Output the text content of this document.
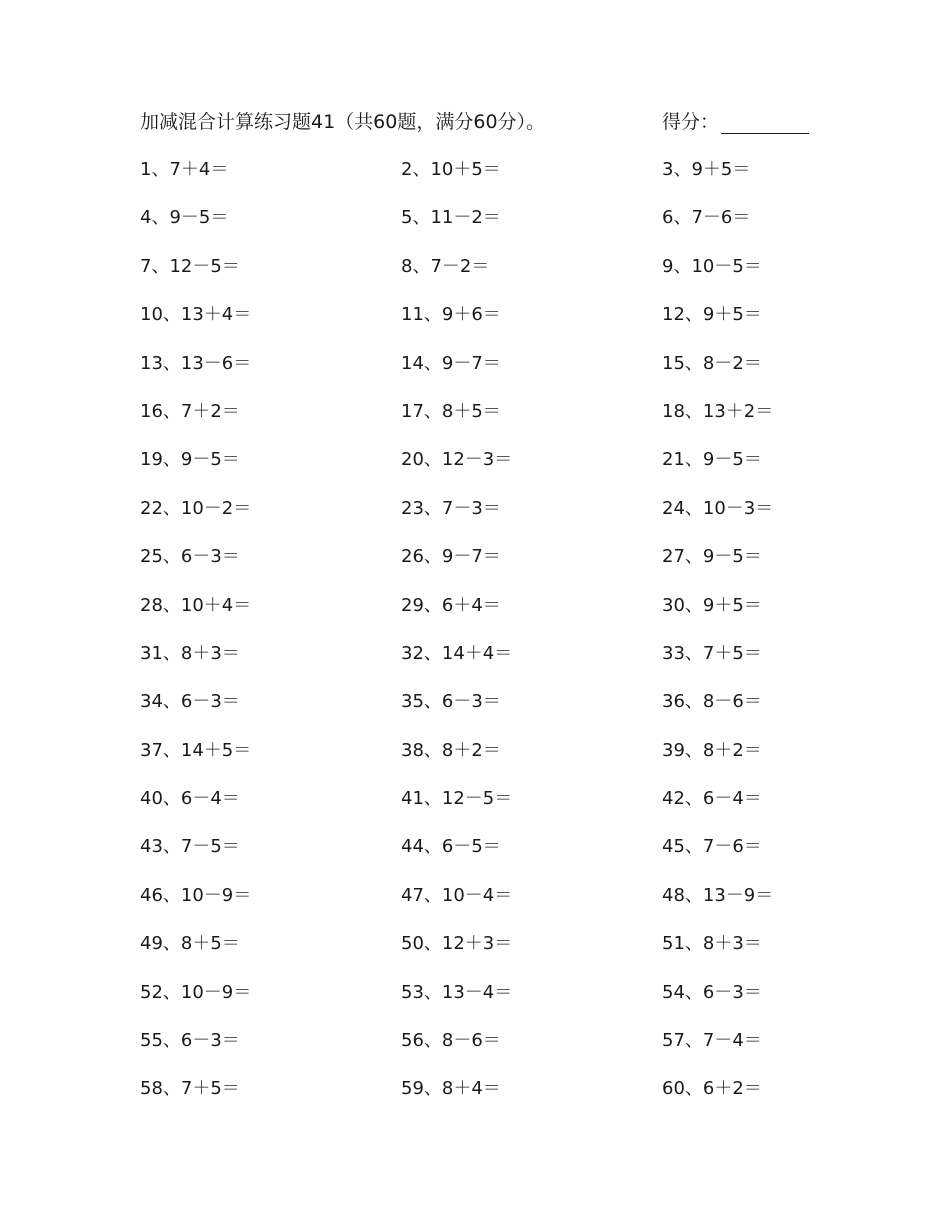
加减混合计算练习题41（共60题，满分60分）。	得分：
1、7＋4＝	2、10＋5＝	3、9＋5＝
4、9－5＝	5、11－2＝	6、7－6＝
7、12－5＝	8、7－2＝	9、10－5＝
10、13＋4＝	11、9＋6＝	12、9＋5＝
13、13－6＝	14、9－7＝	15、8－2＝
16、7＋2＝	17、8＋5＝	18、13＋2＝
19、9－5＝	20、12－3＝	21、9－5＝
22、10－2＝	23、7－3＝	24、10－3＝
25、6－3＝	26、9－7＝	27、9－5＝
28、10＋4＝	29、6＋4＝	30、9＋5＝
31、8＋3＝	32、14＋4＝	33、7＋5＝
34、6－3＝	35、6－3＝	36、8－6＝
37、14＋5＝	38、8＋2＝	39、8＋2＝
40、6－4＝	41、12－5＝	42、6－4＝
43、7－5＝	44、6－5＝	45、7－6＝
46、10－9＝	47、10－4＝	48、13－9＝
49、8＋5＝	50、12＋3＝	51、8＋3＝
52、10－9＝	53、13－4＝	54、6－3＝
55、6－3＝	56、8－6＝	57、7－4＝
58、7＋5＝	59、8＋4＝	60、6＋2＝
